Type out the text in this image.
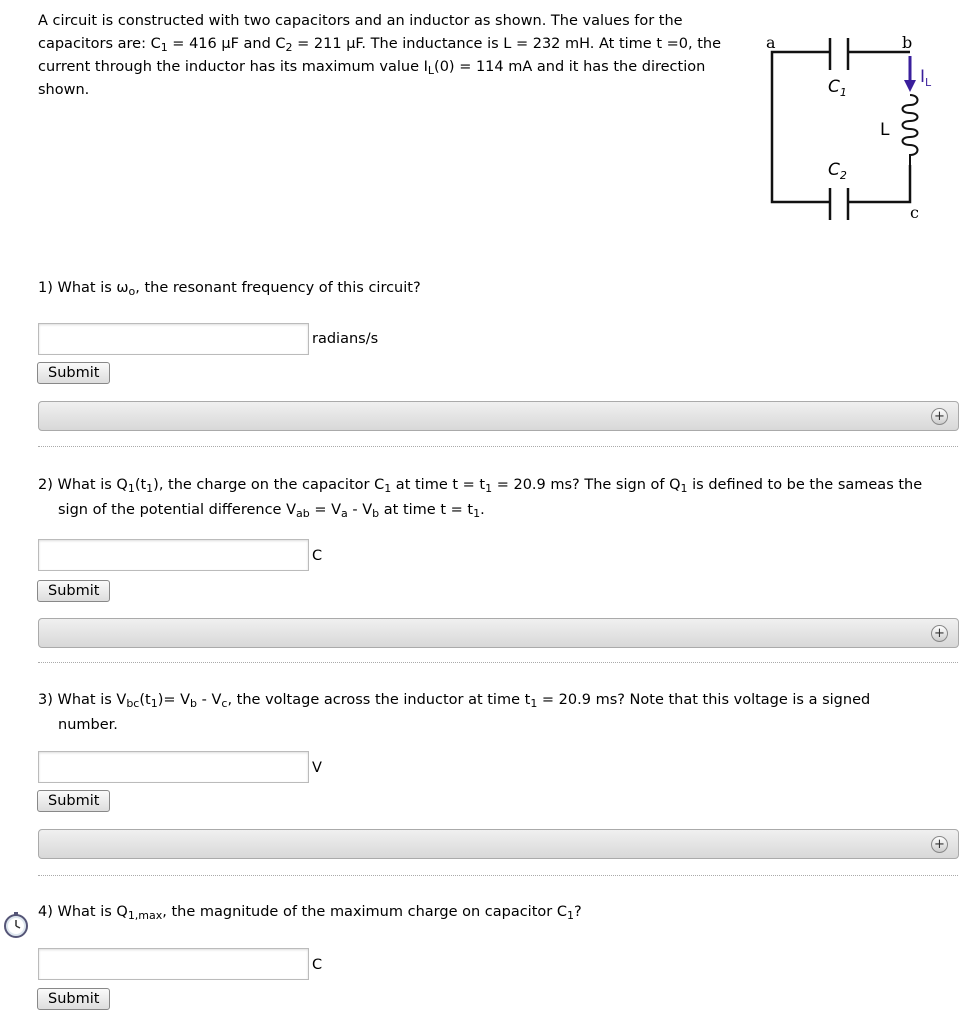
A circuit is constructed with two capacitors and an inductor as shown. The values for the capacitors are: $C_1 = 416$ μF and $C_2 = 211$ μF. The inductance is L = 232 mH. At time t =0, the current through the inductor has its maximum value $I_L(0) = 114$ mA and it has the direction shown.
a	b
c
$C_1$
$C_2$
L
$I_L$
1) What is $\omega_o$, the resonant frequency of this circuit?
radians/s
Submit
+
2) What is $Q_1(t_1)$, the charge on the capacitor $C_1$ at time $t = t_1 = 20.9$ ms? The sign of $Q_1$ is defined to be the sameas the
sign of the potential difference $V_{ab} = V_a - V_b$ at time $t = t_1$.
C
Submit
+
3) What is $V_{bc}(t_1)= V_b - V_c$, the voltage across the inductor at time $t_1 = 20.9$ ms? Note that this voltage is a signed
number.
V
Submit
+
4) What is $Q_{1,max}$, the magnitude of the maximum charge on capacitor $C_1$?
C
Submit
